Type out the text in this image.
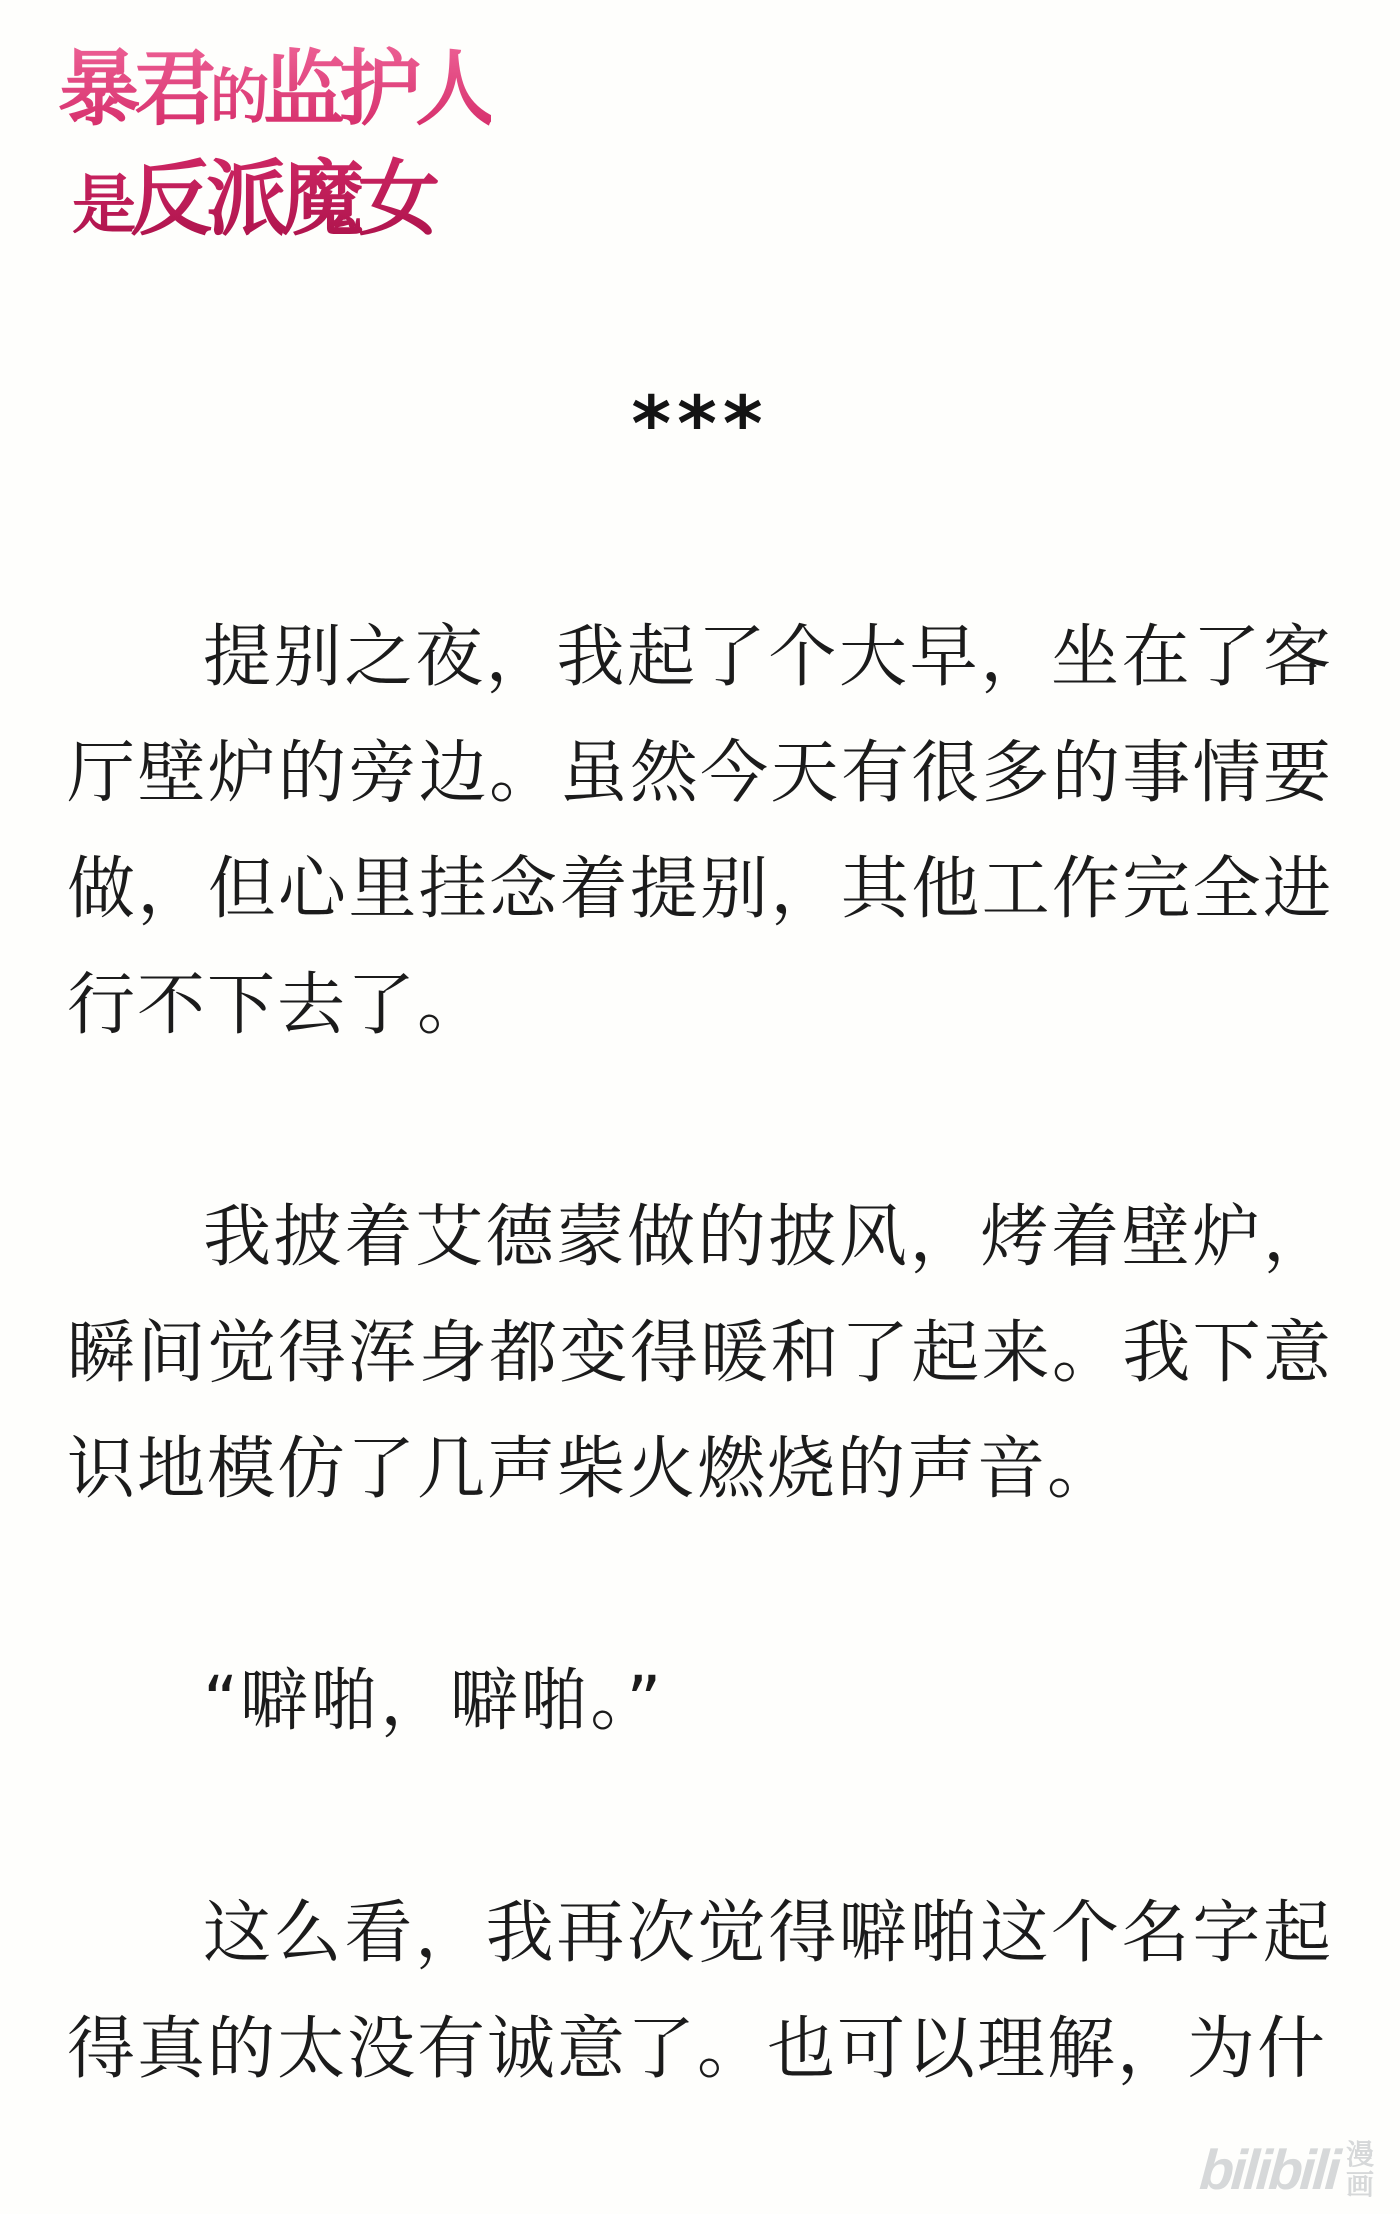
暴君的监护人
是反派魔女
***

提别之夜，我起了个大早，坐在了客厅壁炉的旁边。虽然今天有很多的事情要做，但心里挂念着提别，其他工作完全进行不下去了。

我披着艾德蒙做的披风，烤着壁炉，瞬间觉得浑身都变得暖和了起来。我下意识地模仿了几声柴火燃烧的声音。

“噼啪，噼啪。”

这么看，我再次觉得噼啪这个名字起得真的太没有诚意了。也可以理解，为什

bilibili 漫
画
